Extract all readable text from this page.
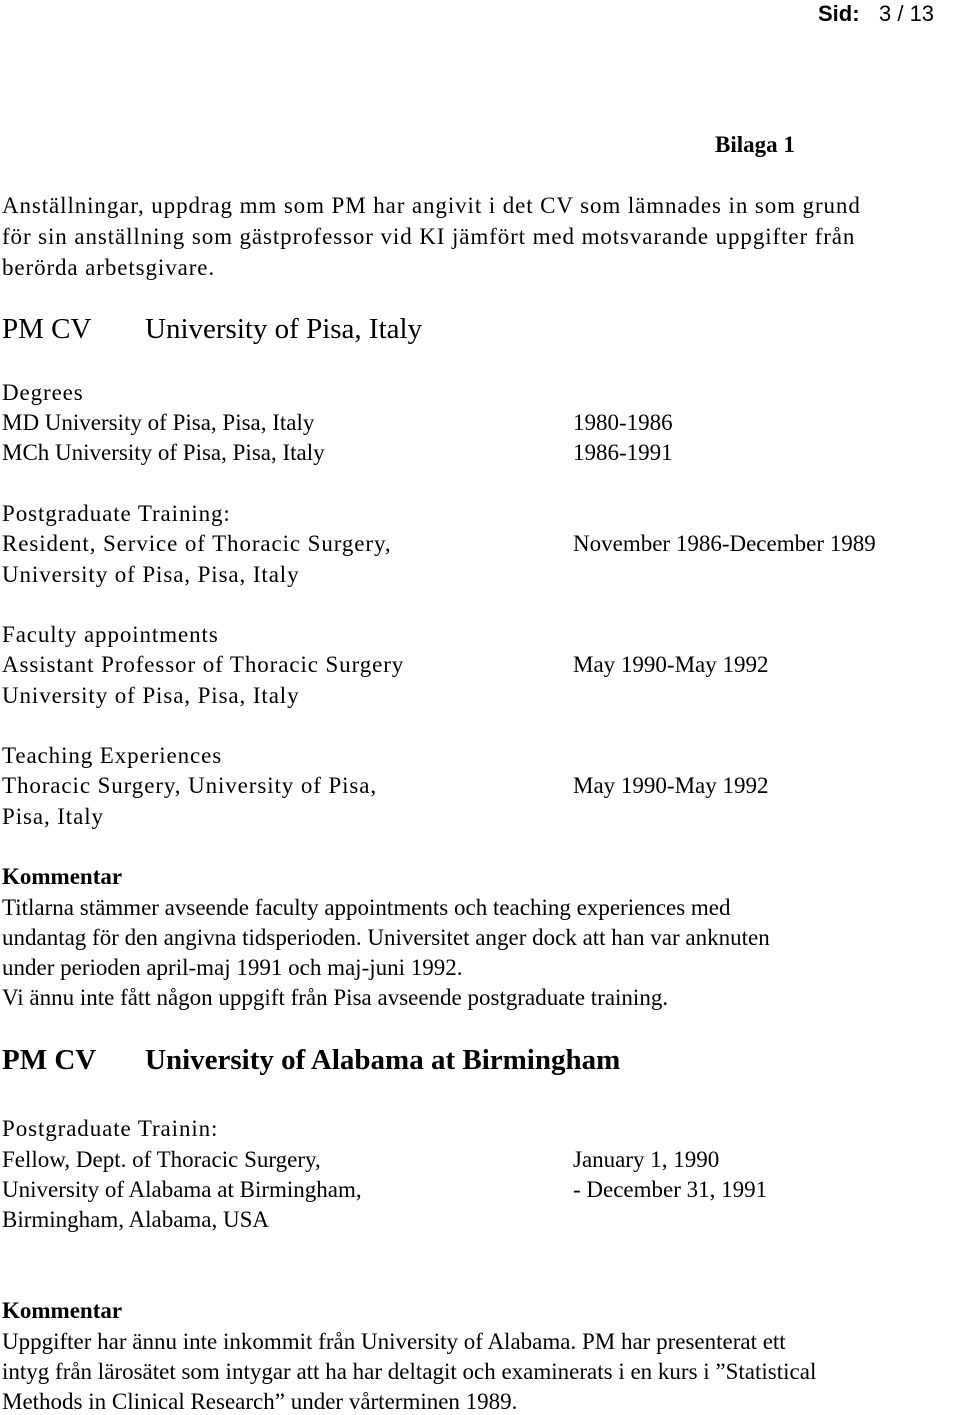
Sid: 3 / 13
Bilaga 1
Anställningar, uppdrag mm som PM har angivit i det CV som lämnades in som grund
för sin anställning som gästprofessor vid KI jämfört med motsvarande uppgifter från
berörda arbetsgivare.
PM CV University of Pisa, Italy
Degrees
MD University of Pisa, Pisa, Italy	1980-1986
MCh University of Pisa, Pisa, Italy	1986-1991
Postgraduate Training:
Resident, Service of Thoracic Surgery,	November 1986-December 1989
University of Pisa, Pisa, Italy
Faculty appointments
Assistant Professor of Thoracic Surgery	May 1990-May 1992
University of Pisa, Pisa, Italy
Teaching Experiences
Thoracic Surgery, University of Pisa,	May 1990-May 1992
Pisa, Italy
Kommentar
Titlarna stämmer avseende faculty appointments och teaching experiences med
undantag för den angivna tidsperioden. Universitet anger dock att han var anknuten
under perioden april-maj 1991 och maj-juni 1992.
Vi ännu inte fått någon uppgift från Pisa avseende postgraduate training.
PM CV University of Alabama at Birmingham
Postgraduate Trainin:
Fellow, Dept. of Thoracic Surgery,	January 1, 1990
University of Alabama at Birmingham,	- December 31, 1991
Birmingham, Alabama, USA
Kommentar
Uppgifter har ännu inte inkommit från University of Alabama. PM har presenterat ett
intyg från lärosätet som intygar att ha har deltagit och examinerats i en kurs i ”Statistical
Methods in Clinical Research” under vårterminen 1989.
